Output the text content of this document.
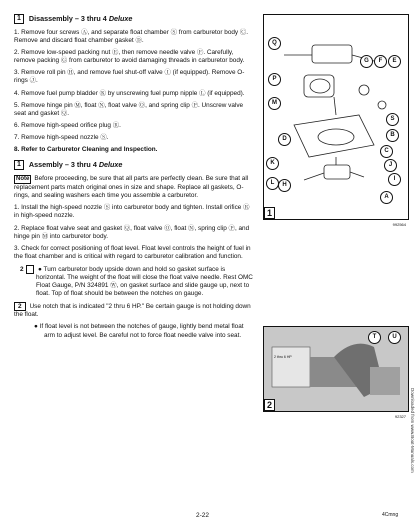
1	Disassembly – 3 thru 4
Deluxe

1. Remove four screws Ⓐ, and separate float chamber Ⓢ from carburetor body Ⓒ. Remove and discard float chamber gasket Ⓓ.

2. Remove low-speed packing nut Ⓔ, then remove needle valve Ⓕ. Carefully, remove packing Ⓖ from carburetor to avoid damaging threads in carburetor body.

3. Remove roll pin Ⓗ, and remove fuel shut-off valve Ⓘ (if equipped). Remove O-rings Ⓙ.

4. Remove fuel pump bladder Ⓚ by unscrewing fuel pump nipple Ⓛ (if equipped).

5. Remove hinge pin Ⓜ, float Ⓝ, float valve Ⓞ, and spring clip Ⓟ. Unscrew valve seat and gasket Ⓠ.

6. Remove high-speed orifice plug Ⓡ.

7. Remove high-speed nozzle Ⓢ.

8. Refer to Carburetor Cleaning and Inspection.

1	Assembly – 3 thru 4
Deluxe

Note Before proceeding, be sure that all parts are perfectly clean. Be sure that all replacement parts match original ones in size and shape. Replace all gaskets, O-rings, and sealing washers each time you assemble a carburetor.

1. Install the high-speed nozzle Ⓢ into carburetor body and tighten. Install orifice Ⓡ in high-speed nozzle.

2. Replace float valve seat and gasket Ⓠ, float valve Ⓞ, float Ⓝ, spring clip Ⓟ, and hinge pin Ⓜ into carburetor body.

3. Check for correct positioning of float level. Float level controls the height of fuel in the float chamber and is critical with regard to carburetor calibration and function.

2 ● Turn carburetor body upside down and hold so gasket surface is horizontal. The weight of the float will close the float valve needle. Rest OMC Float Gauge, P/N 324891 Ⓦ, on gasket surface and slide gauge up, next to float. Top of float should be between the notches on gauge.

2 Use notch that is indicated "2 thru 6 HP." Be certain gauge is not holding down the float.

● If float level is not between the notches of gauge, lightly bend metal float arm to adjust level. Be careful not to force float needle valve into seat.

Q
G	F	E
P
M
S
B
D
C
J
I
K
L	H
A
1
992564
2 thru 6 HP
T	U
2
92327 Downloaded from www.Boat-Manuals.com
2-22	4Cmng
